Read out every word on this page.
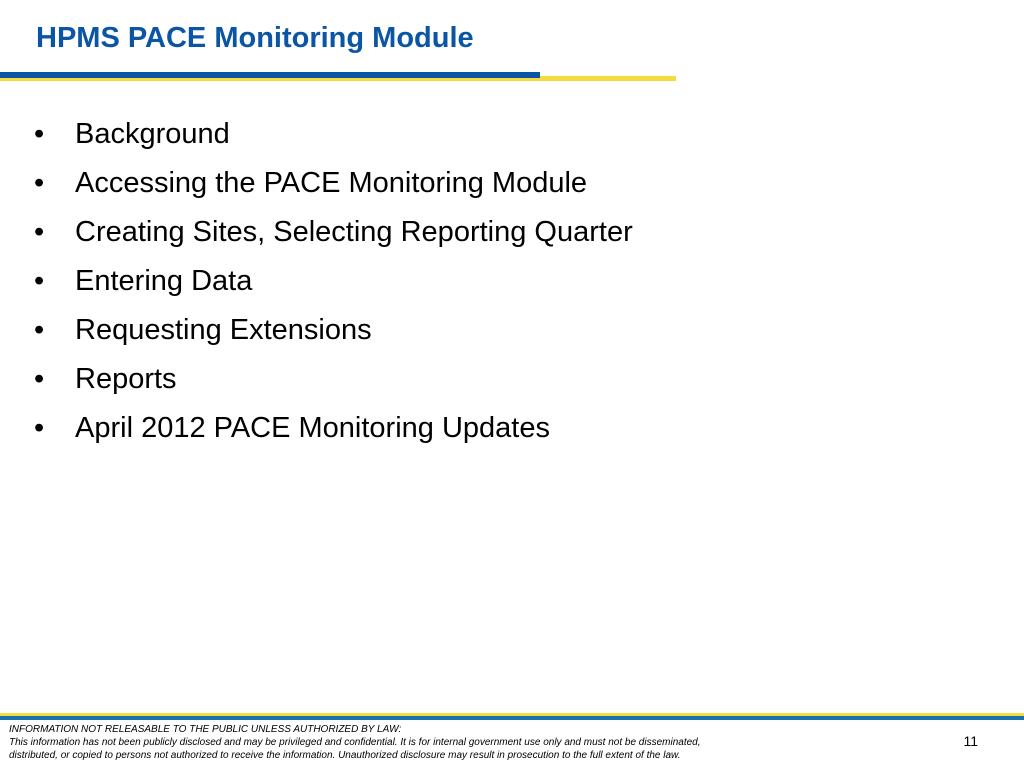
HPMS PACE Monitoring Module
• Background
• Accessing the PACE Monitoring Module
• Creating Sites, Selecting Reporting Quarter
• Entering Data
• Requesting Extensions
• Reports
• April 2012 PACE Monitoring Updates
INFORMATION NOT RELEASABLE TO THE PUBLIC UNLESS AUTHORIZED BY LAW:
This information has not been publicly disclosed and may be privileged and confidential. It is for internal government use only and must not be disseminated,
distributed, or copied to persons not authorized to receive the information. Unauthorized disclosure may result in prosecution to the full extent of the law.
11
